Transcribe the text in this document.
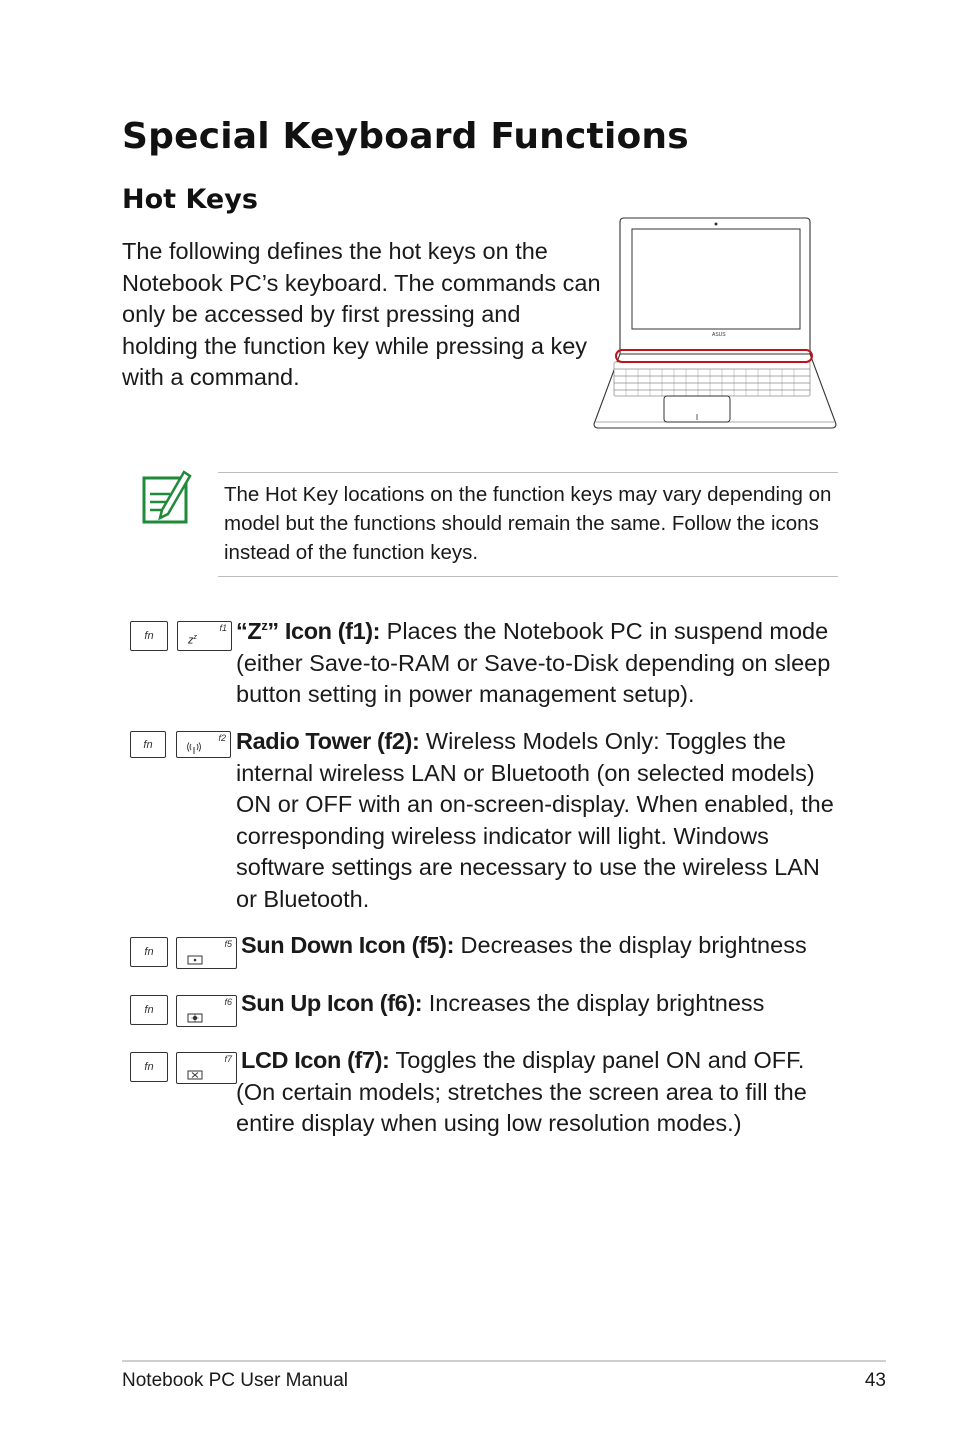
Special Keyboard Functions
Hot Keys

The following defines the hot keys on the Notebook PC’s keyboard. The commands can only be accessed by first pressing and holding the function key while pressing a key with a command.

ASUS

The Hot Key locations on the function keys may vary depending on model but the functions should remain the same. Follow the icons instead of the function keys.

fn
f1
$z^z$ “$Z^z$” Icon (f1): Places the Notebook PC in suspend mode (either Save-to-RAM or Save-to-Disk depending on sleep button setting in power management setup).

fn
f2 Radio Tower (f2): Wireless Models Only: Toggles the internal wireless LAN or Bluetooth (on selected models) ON or OFF with an on-screen-display. When enabled, the corresponding wireless indicator will light. Windows software settings are necessary to use the wireless LAN or Bluetooth.

fn
f5 Sun Down Icon (f5): Decreases the display brightness

fn
f6 Sun Up Icon (f6): Increases the display brightness

fn
f7 LCD Icon (f7): Toggles the display panel ON and OFF. (On certain models; stretches the screen area to fill the entire display when using low resolution modes.)

Notebook PC User Manual	43
